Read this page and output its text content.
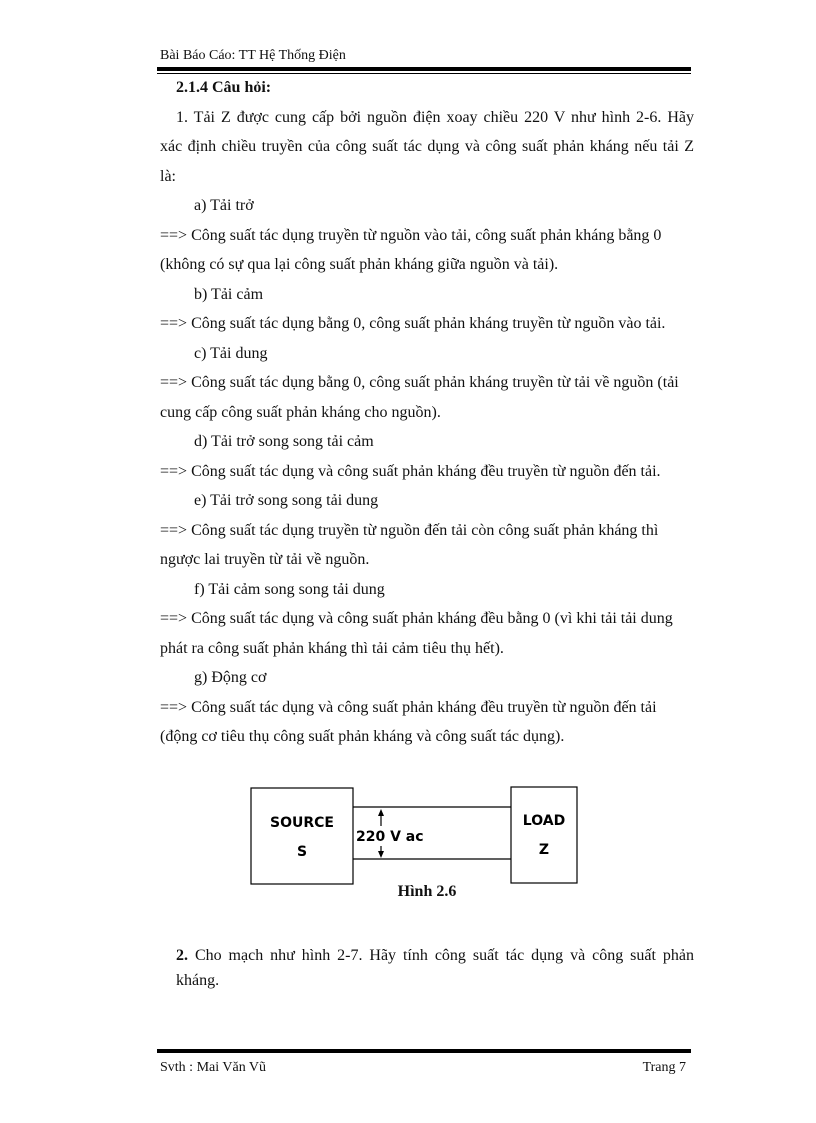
Bài Báo Cáo: TT Hệ Thống Điện
2.1.4 Câu hỏi:
1. Tải Z được cung cấp bởi nguồn điện xoay chiều 220 V như hình 2-6. Hãy
xác định chiều truyền của công suất tác dụng và công suất phản kháng nếu tải Z
là:
a) Tải trở
==> Công suất tác dụng truyền từ nguồn vào tải, công suất phản kháng bằng 0
(không có sự qua lại công suất phản kháng giữa nguồn và tải).
b) Tải cảm
==> Công suất tác dụng bằng 0, công suất phản kháng truyền từ nguồn vào tải.
c) Tải dung
==> Công suất tác dụng bằng 0, công suất phản kháng truyền từ tải về nguồn (tải
cung cấp công suất phản kháng cho nguồn).
d) Tải trở song song tải cảm
==> Công suất tác dụng và công suất phản kháng đều truyền từ nguồn đến tải.
e) Tải trở song song tải dung
==> Công suất tác dụng truyền từ nguồn đến tải còn công suất phản kháng thì
ngược lai truyền từ tải về nguồn.
f) Tải cảm song song tải dung
==> Công suất tác dụng và công suất phản kháng đều bằng 0 (vì khi tải tải dung
phát ra công suất phản kháng thì tải cảm tiêu thụ hết).
g) Động cơ
==> Công suất tác dụng và công suất phản kháng đều truyền từ nguồn đến tải
(động cơ tiêu thụ công suất phản kháng và công suất tác dụng).
SOURCE
S
LOAD
Z
220 V ac
Hình 2.6
2. Cho mạch như hình 2-7. Hãy tính công suất tác dụng và công suất phản kháng.
Svth : Mai Văn Vũ	Trang 7
